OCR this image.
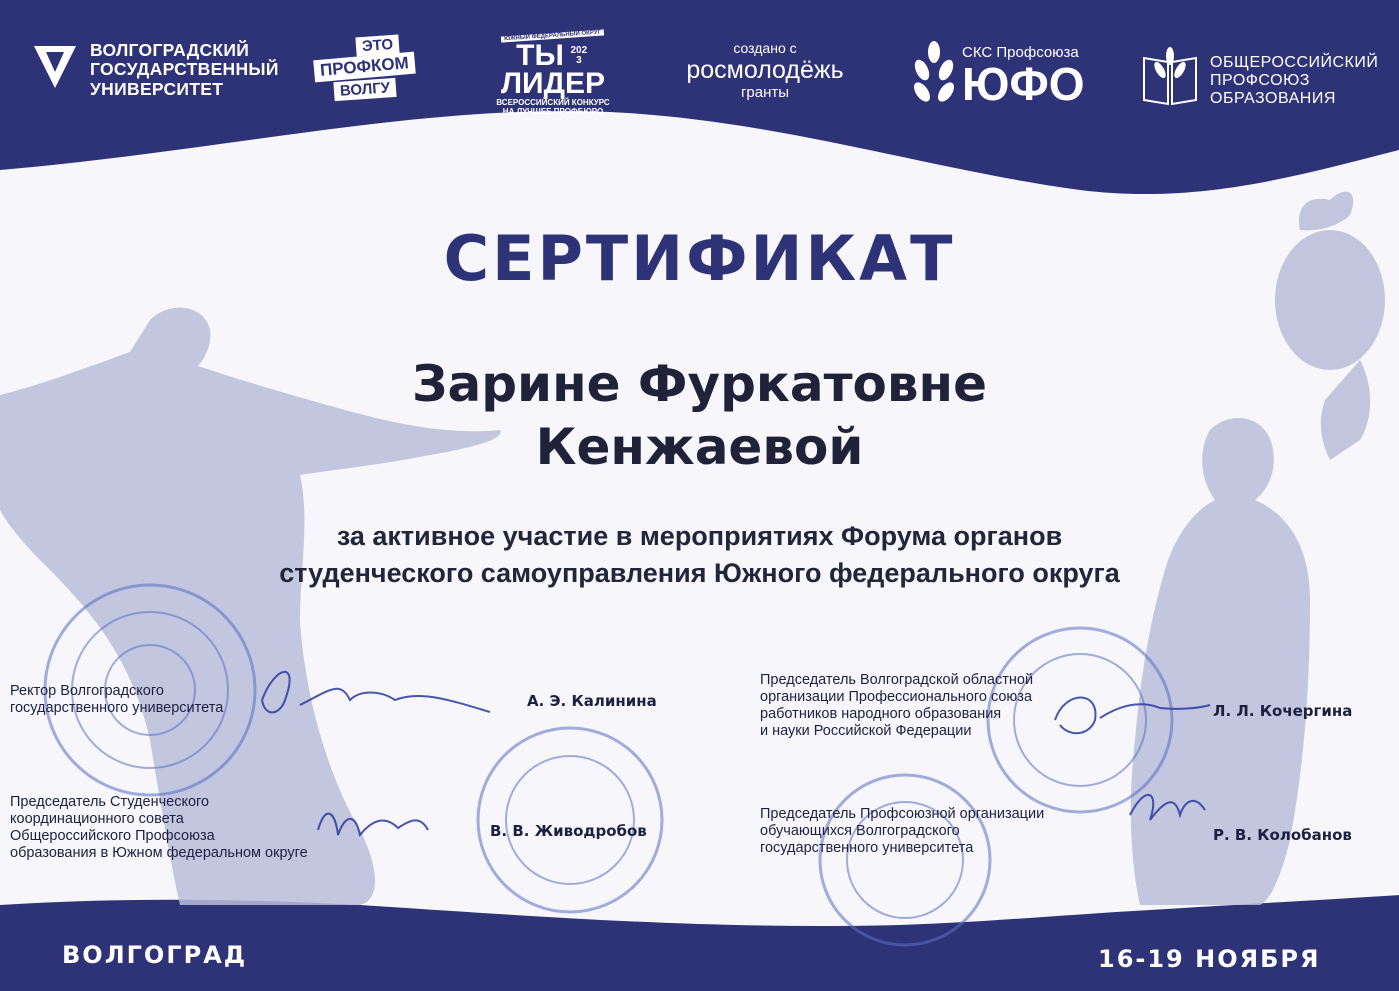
ВОЛГОГРАДСКИЙ
ГОСУДАРСТВЕННЫЙ
УНИВЕРСИТЕТ
ЭТО
ПРОФКОМ
ВОЛГУ
ЮЖНЫЙ ФЕДЕРАЛЬНЫЙ ОКРУГ
ТЫ 2023
ЛИДЕР
ВСЕРОССИЙСКИЙ КОНКУРС
НА ЛУЧШЕЕ ПРОФБЮРО
создано с
росмолодёжь
гранты
СКС Профсоюза
ЮФО	ОБЩЕРОССИЙСКИЙ
ПРОФСОЮЗ
ОБРАЗОВАНИЯ
СЕРТИФИКАТ
Зарине Фуркатовне
Кенжаевой
за активное участие в мероприятиях Форума органов
студенческого самоуправления Южного федерального округа
Ректор Волгоградского
государственного университета	А. Э. Калинина
Председатель Студенческого
координационного совета
Общероссийского Профсоюза
образования в Южном федеральном округе
В. В. Живодробов
Председатель Волгоградской областной
организации Профессионального союза
работников народного образования
и науки Российской Федерации
Л. Л. Кочергина
Председатель Профсоюзной организации
обучающихся Волгоградского
государственного университета
Р. В. Колобанов
ВОЛГОГРАД	16-19 НОЯБРЯ
